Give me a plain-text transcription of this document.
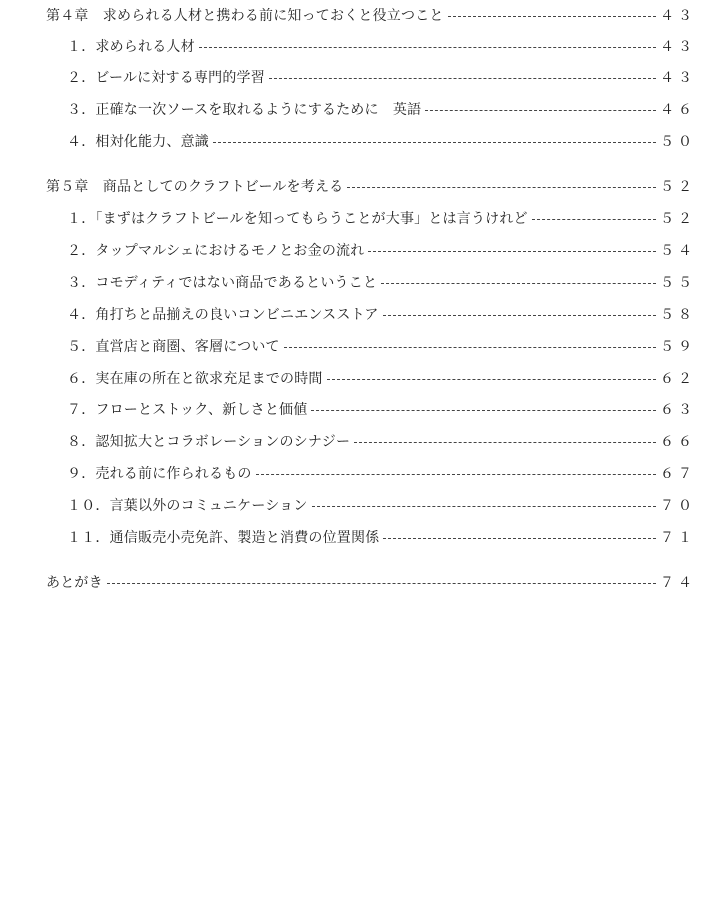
第４章　求められる人材と携わる前に知っておくと役立つこと	４３
１．求められる人材	４３
２．ビールに対する専門的学習	４３
３．正確な一次ソースを取れるようにするために　英語	４６
４．相対化能力、意識	５０
第５章　商品としてのクラフトビールを考える	５２
１．「まずはクラフトビールを知ってもらうことが大事」とは言うけれど	５２
２．タップマルシェにおけるモノとお金の流れ	５４
３．コモディティではない商品であるということ	５５
４．角打ちと品揃えの良いコンビニエンスストア	５８
５．直営店と商圏、客層について	５９
６．実在庫の所在と欲求充足までの時間	６２
７．フローとストック、新しさと価値	６３
８．認知拡大とコラボレーションのシナジー	６６
９．売れる前に作られるもの	６７
１０．言葉以外のコミュニケーション	７０
１１．通信販売小売免許、製造と消費の位置関係	７１
あとがき	７４
